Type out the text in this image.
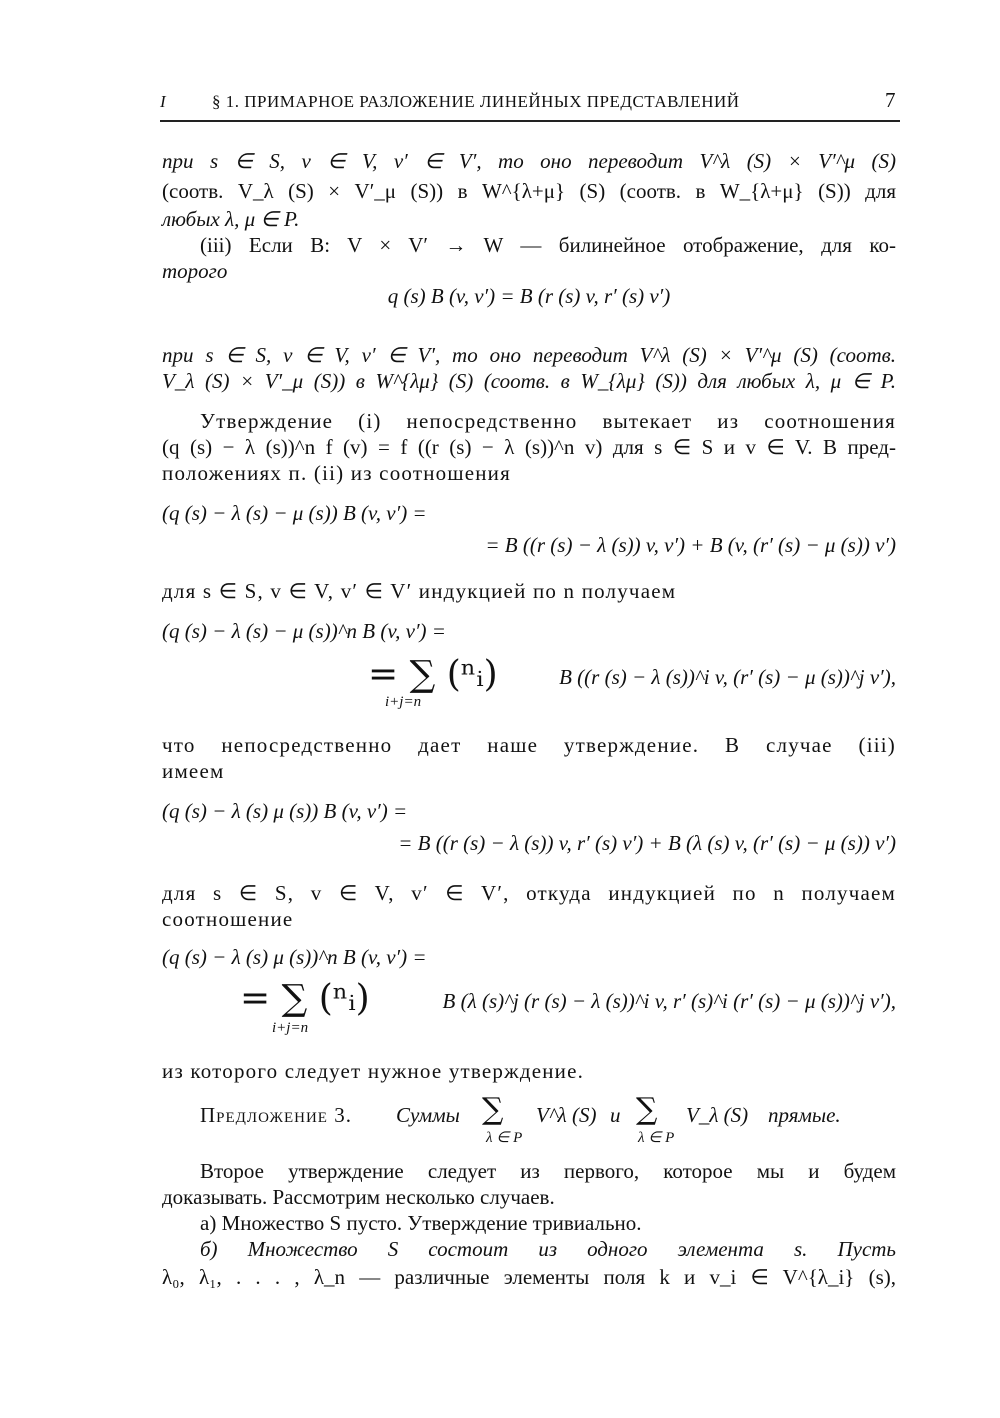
I	§ 1. ПРИМАРНОЕ РАЗЛОЖЕНИЕ ЛИНЕЙНЫХ ПРЕДСТАВЛЕНИЙ	7
при s ∈ S, v ∈ V, v′ ∈ V′, то оно переводит V^λ (S) × V′^μ (S)
(соотв. V_λ (S) × V′_μ (S)) в W^{λ+μ} (S) (соотв. в W_{λ+μ} (S)) для
любых λ, μ ∈ P.
(iii) Если B: V × V′ → W — билинейное отображение, для ко-
торого
q (s) B (v, v′) = B (r (s) v, r′ (s) v′)
при s ∈ S, v ∈ V, v′ ∈ V′, то оно переводит V^λ (S) × V′^μ (S) (соотв.
V_λ (S) × V′_μ (S)) в W^{λμ} (S) (соотв. в W_{λμ} (S)) для любых λ, μ ∈ P.
Утверждение (i) непосредственно вытекает из соотношения
(q (s) − λ (s))^n f (v) = f ((r (s) − λ (s))^n v) для s ∈ S и v ∈ V. В пред-
положениях п. (ii) из соотношения
(q (s) − λ (s) − μ (s)) B (v, v′) =
= B ((r (s) − λ (s)) v, v′) + B (v, (r′ (s) − μ (s)) v′)
для s ∈ S, v ∈ V, v′ ∈ V′ индукцией по n получаем
(q (s) − λ (s) − μ (s))^n B (v, v′) =
= ∑ (ⁿᵢ)	B ((r (s) − λ (s))^i v, (r′ (s) − μ (s))^j v′),
i+j=n
что непосредственно дает наше утверждение. В случае (iii)
имеем
(q (s) − λ (s) μ (s)) B (v, v′) =
= B ((r (s) − λ (s)) v, r′ (s) v′) + B (λ (s) v, (r′ (s) − μ (s)) v′)
для s ∈ S, v ∈ V, v′ ∈ V′, откуда индукцией по n получаем
соотношение
(q (s) − λ (s) μ (s))^n B (v, v′) =
= ∑ (ⁿᵢ)	B (λ (s)^j (r (s) − λ (s))^i v, r′ (s)^i (r′ (s) − μ (s))^j v′),
i+j=n
из которого следует нужное утверждение.
Предложение 3.	Суммы ∑
λ ∈ P
V^λ (S) и ∑
λ ∈ P
V_λ (S) прямые.
Второе утверждение следует из первого, которое мы и будем
доказывать. Рассмотрим несколько случаев.
а) Множество S пусто. Утверждение тривиально.
б) Множество S состоит из одного элемента s. Пусть
λ₀, λ₁, . . . , λ_n — различные элементы поля k и v_i ∈ V^{λ_i} (s),
